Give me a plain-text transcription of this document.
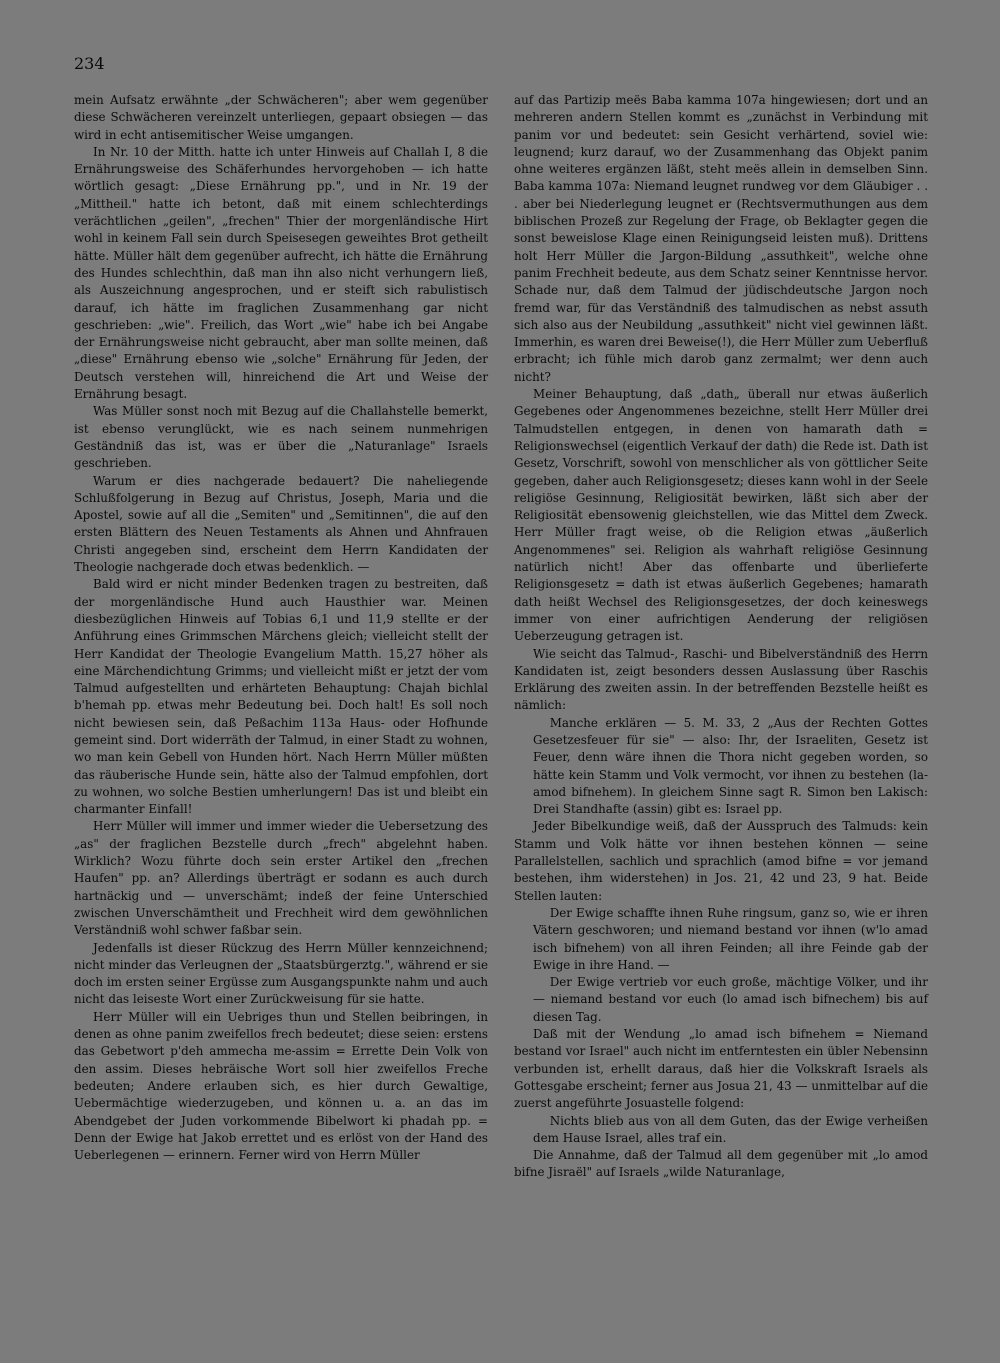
234

mein Aufsatz erwähnte „der Schwächeren"; aber wem gegenüber diese Schwächeren vereinzelt unterliegen, gepaart obsiegen — das wird in echt antisemitischer Weise umgangen.

In Nr. 10 der Mitth. hatte ich unter Hinweis auf Challah I, 8 die Ernährungsweise des Schäferhundes hervorgehoben — ich hatte wörtlich gesagt: „Diese Ernährung pp.", und in Nr. 19 der „Mittheil." hatte ich betont, daß mit einem schlechterdings verächtlichen „geilen", „frechen" Thier der morgenländische Hirt wohl in keinem Fall sein durch Speisesegen geweihtes Brot getheilt hätte. Müller hält dem gegenüber aufrecht, ich hätte die Ernährung des Hundes schlechthin, daß man ihn also nicht verhungern ließ, als Auszeichnung angesprochen, und er steift sich rabulistisch darauf, ich hätte im fraglichen Zusammenhang gar nicht geschrieben: „wie". Freilich, das Wort „wie" habe ich bei Angabe der Ernährungsweise nicht gebraucht, aber man sollte meinen, daß „diese" Ernährung ebenso wie „solche" Ernährung für Jeden, der Deutsch verstehen will, hinreichend die Art und Weise der Ernährung besagt.

Was Müller sonst noch mit Bezug auf die Challahstelle bemerkt, ist ebenso verunglückt, wie es nach seinem nunmehrigen Geständniß das ist, was er über die „Naturanlage" Israels geschrieben.

Warum er dies nachgerade bedauert? Die naheliegende Schlußfolgerung in Bezug auf Christus, Joseph, Maria und die Apostel, sowie auf all die „Semiten" und „Semitinnen", die auf den ersten Blättern des Neuen Testaments als Ahnen und Ahnfrauen Christi angegeben sind, erscheint dem Herrn Kandidaten der Theologie nachgerade doch etwas bedenklich. —

Bald wird er nicht minder Bedenken tragen zu bestreiten, daß der morgenländische Hund auch Hausthier war. Meinen diesbezüglichen Hinweis auf Tobias 6,1 und 11,9 stellte er der Anführung eines Grimmschen Märchens gleich; vielleicht stellt der Herr Kandidat der Theologie Evangelium Matth. 15,27 höher als eine Märchendichtung Grimms; und vielleicht mißt er jetzt der vom Talmud aufgestellten und erhärteten Behauptung: Chajah bichlal b'hemah pp. etwas mehr Bedeutung bei. Doch halt! Es soll noch nicht bewiesen sein, daß Peßachim 113a Haus- oder Hofhunde gemeint sind. Dort widerräth der Talmud, in einer Stadt zu wohnen, wo man kein Gebell von Hunden hört. Nach Herrn Müller müßten das räuberische Hunde sein, hätte also der Talmud empfohlen, dort zu wohnen, wo solche Bestien umherlungern! Das ist und bleibt ein charmanter Einfall!

Herr Müller will immer und immer wieder die Uebersetzung des „as" der fraglichen Bezstelle durch „frech" abgelehnt haben. Wirklich? Wozu führte doch sein erster Artikel den „frechen Haufen" pp. an? Allerdings überträgt er sodann es auch durch hartnäckig und — unverschämt; indeß der feine Unterschied zwischen Unverschämtheit und Frechheit wird dem gewöhnlichen Verständniß wohl schwer faßbar sein.

Jedenfalls ist dieser Rückzug des Herrn Müller kennzeichnend; nicht minder das Verleugnen der „Staatsbürgerztg.", während er sie doch im ersten seiner Ergüsse zum Ausgangspunkte nahm und auch nicht das leiseste Wort einer Zurückweisung für sie hatte.

Herr Müller will ein Uebriges thun und Stellen beibringen, in denen as ohne panim zweifellos frech bedeutet; diese seien: erstens das Gebetwort p'deh ammecha me-assim = Errette Dein Volk von den assim. Dieses hebräische Wort soll hier zweifellos Freche bedeuten; Andere erlauben sich, es hier durch Gewaltige, Uebermächtige wiederzugeben, und können u. a. an das im Abendgebet der Juden vorkommende Bibelwort ki phadah pp. = Denn der Ewige hat Jakob errettet und es erlöst von der Hand des Ueberlegenen — erinnern. Ferner wird von Herrn Müller

auf das Partizip meës Baba kamma 107a hingewiesen; dort und an mehreren andern Stellen kommt es „zunächst in Verbindung mit panim vor und bedeutet: sein Gesicht verhärtend, soviel wie: leugnend; kurz darauf, wo der Zusammenhang das Objekt panim ohne weiteres ergänzen läßt, steht meës allein in demselben Sinn. Baba kamma 107a: Niemand leugnet rundweg vor dem Gläubiger . . . aber bei Niederlegung leugnet er (Rechtsvermuthungen aus dem biblischen Prozeß zur Regelung der Frage, ob Beklagter gegen die sonst beweislose Klage einen Reinigungseid leisten muß). Drittens holt Herr Müller die Jargon-Bildung „assuthkeit", welche ohne panim Frechheit bedeute, aus dem Schatz seiner Kenntnisse hervor. Schade nur, daß dem Talmud der jüdischdeutsche Jargon noch fremd war, für das Verständniß des talmudischen as nebst assuth sich also aus der Neubildung „assuthkeit" nicht viel gewinnen läßt. Immerhin, es waren drei Beweise(!), die Herr Müller zum Ueberfluß erbracht; ich fühle mich darob ganz zermalmt; wer denn auch nicht?

Meiner Behauptung, daß „dath„ überall nur etwas äußerlich Gegebenes oder Angenommenes bezeichne, stellt Herr Müller drei Talmudstellen entgegen, in denen von hamarath dath = Religionswechsel (eigentlich Verkauf der dath) die Rede ist. Dath ist Gesetz, Vorschrift, sowohl von menschlicher als von göttlicher Seite gegeben, daher auch Religionsgesetz; dieses kann wohl in der Seele religiöse Gesinnung, Religiosität bewirken, läßt sich aber der Religiosität ebensowenig gleichstellen, wie das Mittel dem Zweck. Herr Müller fragt weise, ob die Religion etwas „äußerlich Angenommenes" sei. Religion als wahrhaft religiöse Gesinnung natürlich nicht! Aber das offenbarte und überlieferte Religionsgesetz = dath ist etwas äußerlich Gegebenes; hamarath dath heißt Wechsel des Religionsgesetzes, der doch keineswegs immer von einer aufrichtigen Aenderung der religiösen Ueberzeugung getragen ist.

Wie seicht das Talmud-, Raschi- und Bibelverständniß des Herrn Kandidaten ist, zeigt besonders dessen Auslassung über Raschis Erklärung des zweiten assin. In der betreffenden Bezstelle heißt es nämlich:

Manche erklären — 5. M. 33, 2 „Aus der Rechten Gottes Gesetzesfeuer für sie" — also: Ihr, der Israeliten, Gesetz ist Feuer, denn wäre ihnen die Thora nicht gegeben worden, so hätte kein Stamm und Volk vermocht, vor ihnen zu bestehen (la-amod bifnehem). In gleichem Sinne sagt R. Simon ben Lakisch: Drei Standhafte (assin) gibt es: Israel pp.

Jeder Bibelkundige weiß, daß der Ausspruch des Talmuds: kein Stamm und Volk hätte vor ihnen bestehen können — seine Parallelstellen, sachlich und sprachlich (amod bifne = vor jemand bestehen, ihm widerstehen) in Jos. 21, 42 und 23, 9 hat. Beide Stellen lauten:

Der Ewige schaffte ihnen Ruhe ringsum, ganz so, wie er ihren Vätern geschworen; und niemand bestand vor ihnen (w'lo amad isch bifnehem) von all ihren Feinden; all ihre Feinde gab der Ewige in ihre Hand. —

Der Ewige vertrieb vor euch große, mächtige Völker, und ihr — niemand bestand vor euch (lo amad isch bifnechem) bis auf diesen Tag.

Daß mit der Wendung „lo amad isch bifnehem = Niemand bestand vor Israel" auch nicht im entferntesten ein übler Nebensinn verbunden ist, erhellt daraus, daß hier die Volkskraft Israels als Gottesgabe erscheint; ferner aus Josua 21, 43 — unmittelbar auf die zuerst angeführte Josuastelle folgend:

Nichts blieb aus von all dem Guten, das der Ewige verheißen dem Hause Israel, alles traf ein.

Die Annahme, daß der Talmud all dem gegenüber mit „lo amod bifne Jisraël" auf Israels „wilde Naturanlage,
